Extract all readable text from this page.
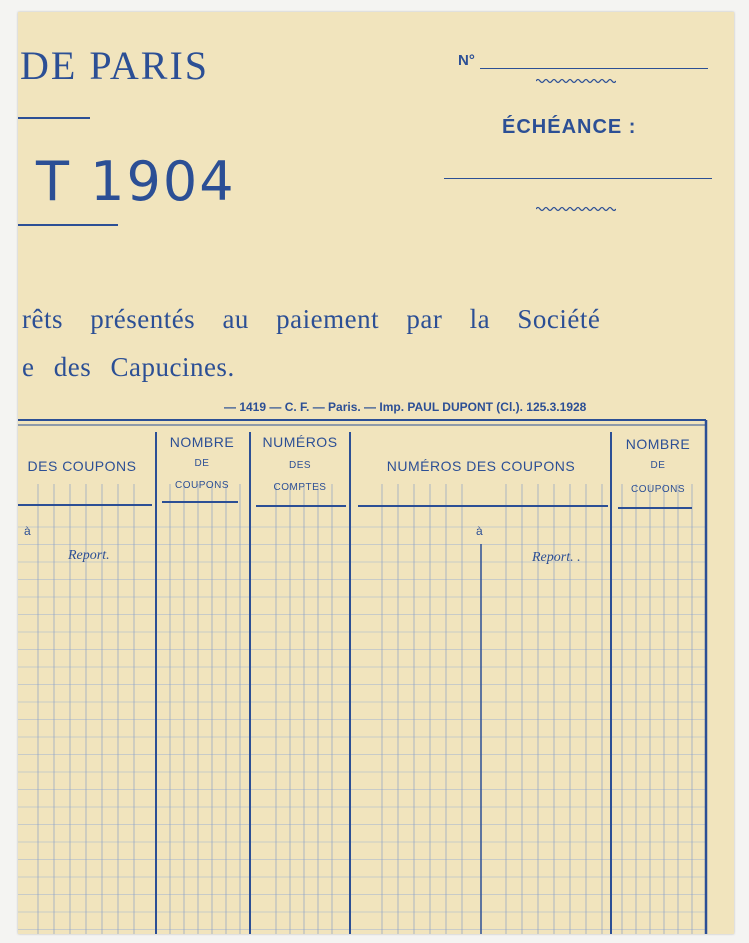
DE PARIS
T 1904
N°
ÉCHÉANCE :
rêts présentés au paiement par la Société
e des Capucines.
— 1419 — C. F. — Paris. — Imp. PAUL DUPONT (Cl.). 125.3.1928
DES COUPONS
NOMBRE
DE
COUPONS
NUMÉROS
DES
COMPTES
NUMÉROS DES COUPONS
NOMBRE
DE
COUPONS
à	à
Report.	Report. .
